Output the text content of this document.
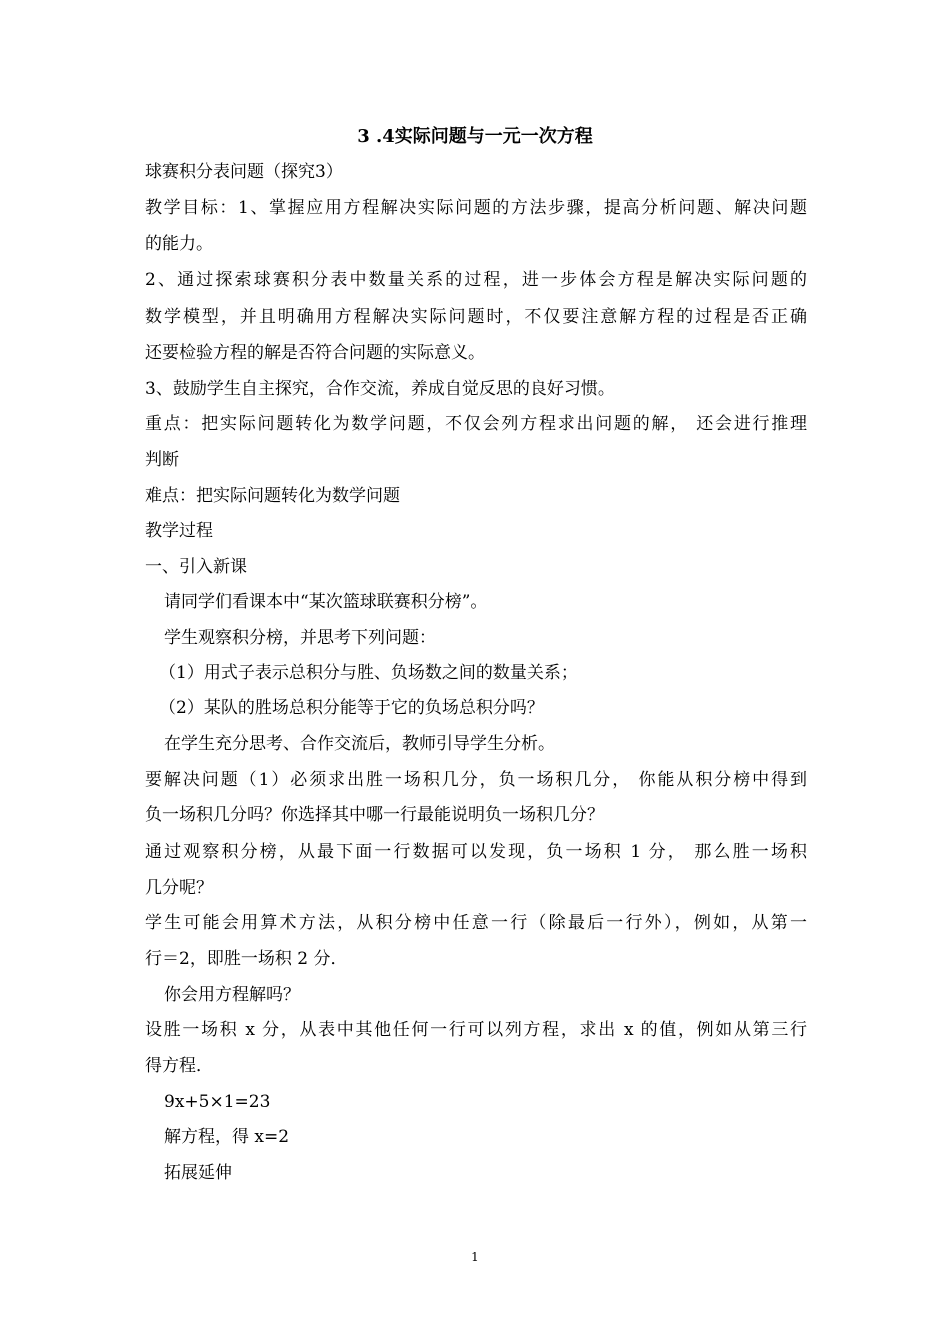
3 .4实际问题与一元一次方程
球赛积分表问题（探究3）
教学目标：1、掌握应用方程解决实际问题的方法步骤，提高分析问题、解决问题
的能力。
2、通过探索球赛积分表中数量关系的过程，进一步体会方程是解决实际问题的
数学模型，并且明确用方程解决实际问题时，不仅要注意解方程的过程是否正确
还要检验方程的解是否符合问题的实际意义。
3、鼓励学生自主探究，合作交流，养成自觉反思的良好习惯。
重点：把实际问题转化为数学问题，不仅会列方程求出问题的解， 还会进行推理
判断
难点：把实际问题转化为数学问题
教学过程
一、引入新课
请同学们看课本中“某次篮球联赛积分榜”。
学生观察积分榜，并思考下列问题：
（1）用式子表示总积分与胜、负场数之间的数量关系；
（2）某队的胜场总积分能等于它的负场总积分吗？
在学生充分思考、合作交流后，教师引导学生分析。
要解决问题（1）必须求出胜一场积几分，负一场积几分， 你能从积分榜中得到
负一场积几分吗？你选择其中哪一行最能说明负一场积几分？
通过观察积分榜，从最下面一行数据可以发现，负一场积 1 分， 那么胜一场积
几分呢？
学生可能会用算术方法，从积分榜中任意一行（除最后一行外），例如，从第一
行＝2，即胜一场积 2 分．
你会用方程解吗？
设胜一场积 x 分，从表中其他任何一行可以列方程，求出 x 的值，例如从第三行
得方程．
9x+5×1=23
解方程，得 x=2
拓展延伸
1
